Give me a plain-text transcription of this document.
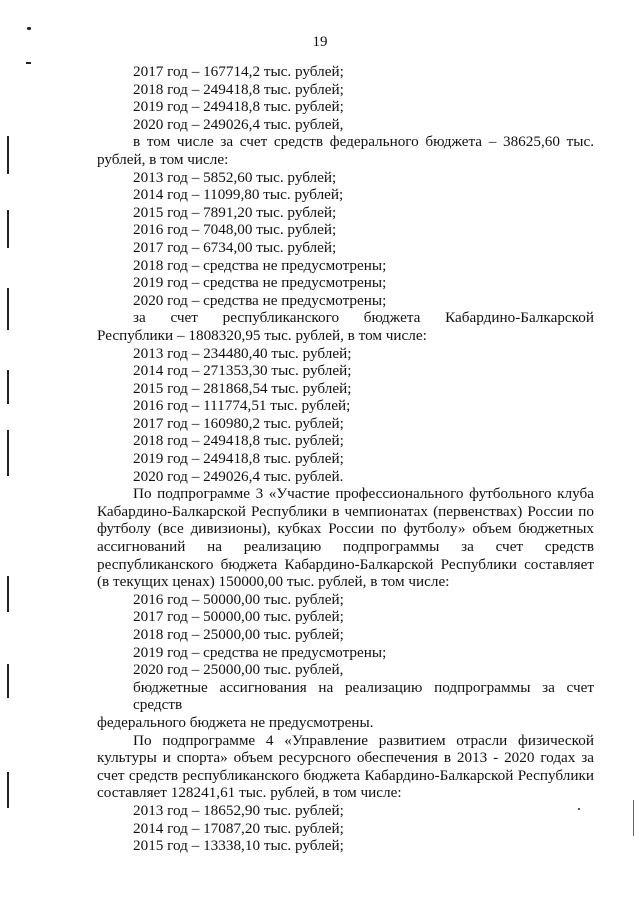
19
2017 год – 167714,2 тыс. рублей;
2018 год – 249418,8 тыс. рублей;
2019 год – 249418,8 тыс. рублей;
2020 год – 249026,4 тыс. рублей,
в том числе за счет средств федерального бюджета – 38625,60 тыс.
рублей, в том числе:
2013 год – 5852,60 тыс. рублей;
2014 год – 11099,80 тыс. рублей;
2015 год – 7891,20 тыс. рублей;
2016 год – 7048,00 тыс. рублей;
2017 год – 6734,00 тыс. рублей;
2018 год – средства не предусмотрены;
2019 год – средства не предусмотрены;
2020 год – средства не предусмотрены;
за счет республиканского бюджета Кабардино-Балкарской
Республики – 1808320,95 тыс. рублей, в том числе:
2013 год – 234480,40 тыс. рублей;
2014 год – 271353,30 тыс. рублей;
2015 год – 281868,54 тыс. рублей;
2016 год – 111774,51 тыс. рублей;
2017 год – 160980,2 тыс. рублей;
2018 год – 249418,8 тыс. рублей;
2019 год – 249418,8 тыс. рублей;
2020 год – 249026,4 тыс. рублей.
По подпрограмме 3 «Участие профессионального футбольного клуба
Кабардино-Балкарской Республики в чемпионатах (первенствах) России по
футболу (все дивизионы), кубках России по футболу» объем бюджетных
ассигнований на реализацию подпрограммы за счет средств
республиканского бюджета Кабардино-Балкарской Республики составляет
(в текущих ценах) 150000,00 тыс. рублей, в том числе:
2016 год – 50000,00 тыс. рублей;
2017 год – 50000,00 тыс. рублей;
2018 год – 25000,00 тыс. рублей;
2019 год – средства не предусмотрены;
2020 год – 25000,00 тыс. рублей,
бюджетные ассигнования на реализацию подпрограммы за счет средств
федерального бюджета не предусмотрены.
По подпрограмме 4 «Управление развитием отрасли физической
культуры и спорта» объем ресурсного обеспечения в 2013 - 2020 годах за
счет средств республиканского бюджета Кабардино-Балкарской Республики
составляет 128241,61 тыс. рублей, в том числе:
2013 год – 18652,90 тыс. рублей;
2014 год – 17087,20 тыс. рублей;
2015 год – 13338,10 тыс. рублей;
